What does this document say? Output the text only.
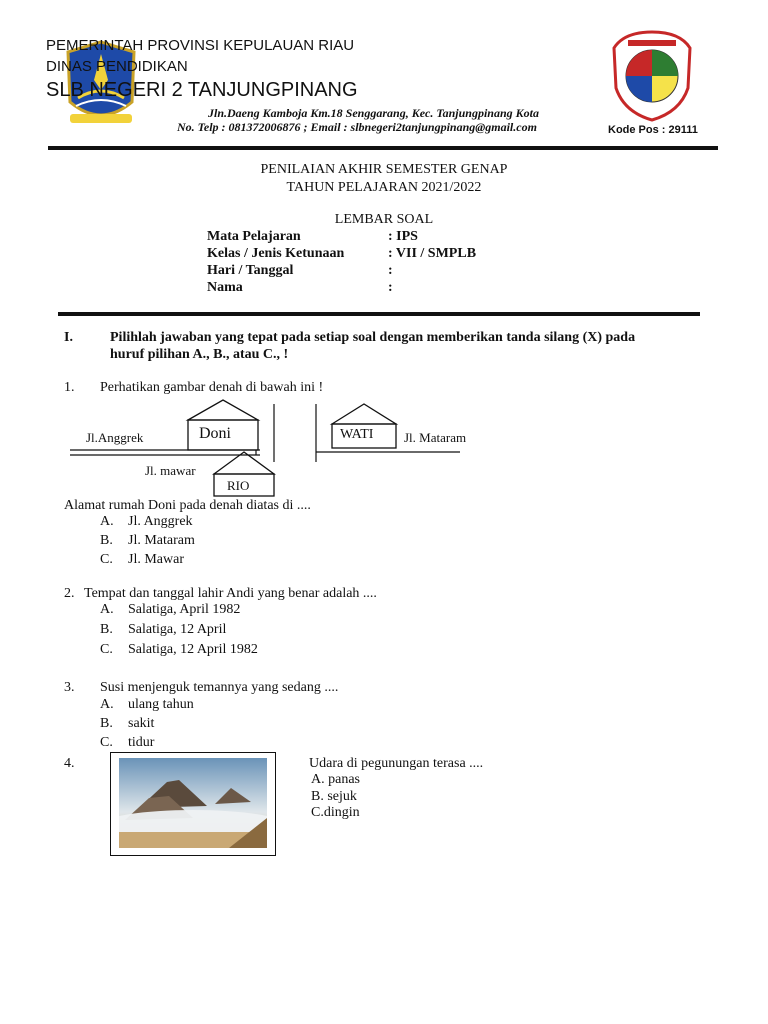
PEMERINTAH PROVINSI KEPULAUAN RIAU
DINAS PENDIDIKAN
SLB NEGERI 2 TANJUNGPINANG
Jln.Daeng Kamboja Km.18 Senggarang, Kec. Tanjungpinang Kota
No. Telp : 081372006876 ; Email : slbnegeri2tanjungpinang@gmail.com	Kode Pos : 29111
PENILAIAN AKHIR SEMESTER GENAP
TAHUN PELAJARAN 2021/2022
LEMBAR SOAL
Mata Pelajaran	: IPS
Kelas / Jenis Ketunaan	: VII / SMPLB
Hari / Tanggal	:
Nama	:
I.	Pilihlah jawaban yang tepat pada setiap soal dengan memberikan tanda silang (X) pada
huruf pilihan A., B., atau C., !
1. Perhatikan gambar denah di bawah ini !
Jl.Anggrek	Doni	WATI Jl. Mataram
Jl. mawar
RIO
Alamat rumah Doni pada denah diatas di ....
A. Jl. Anggrek
B. Jl. Mataram
C. Jl. Mawar
2. Tempat dan tanggal lahir Andi yang benar adalah ....
A. Salatiga, April 1982
B. Salatiga, 12 April
C. Salatiga, 12 April 1982
3. Susi menjenguk temannya yang sedang ....
A. ulang tahun
B. sakit
C. tidur
4.	Udara di pegunungan terasa ....
A. panas
B. sejuk
C.dingin
